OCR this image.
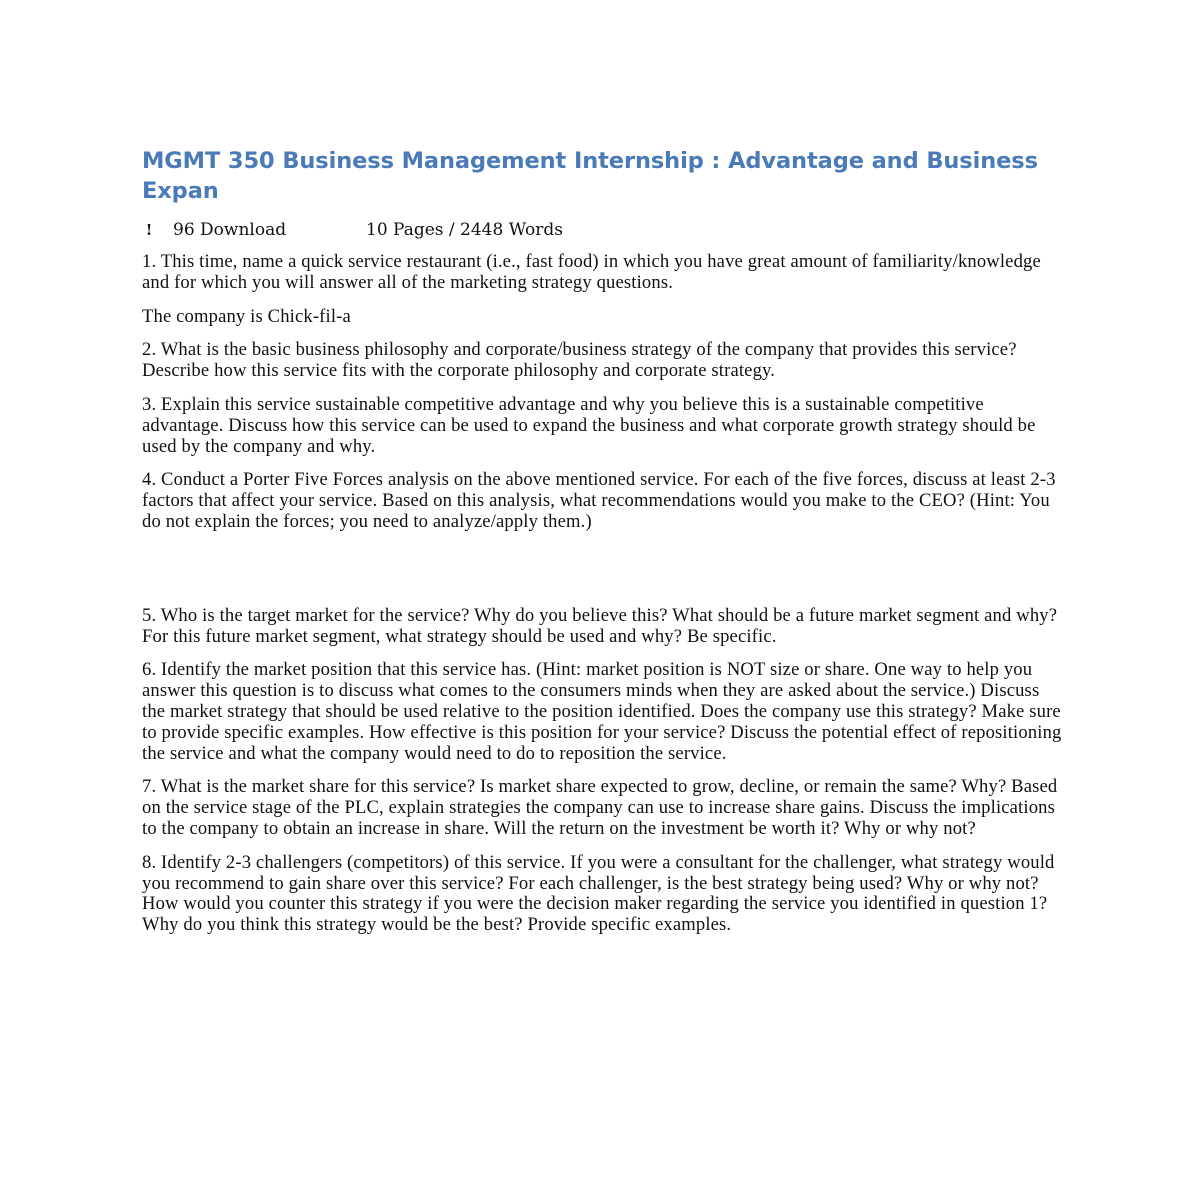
MGMT 350 Business Management Internship : Advantage and Business Expan
! 96 Download	10 Pages / 2448 Words

1. This time, name a quick service restaurant (i.e., fast food) in which you have great amount of familiarity/knowledge and for which you will answer all of the marketing strategy questions.

The company is Chick-fil-a

2. What is the basic business philosophy and corporate/business strategy of the company that provides this service? Describe how this service fits with the corporate philosophy and corporate strategy.

3. Explain this service sustainable competitive advantage and why you believe this is a sustainable competitive advantage. Discuss how this service can be used to expand the business and what corporate growth strategy should be used by the company and why.

4. Conduct a Porter Five Forces analysis on the above mentioned service. For each of the five forces, discuss at least 2-3 factors that affect your service. Based on this analysis, what recommendations would you make to the CEO? (Hint: You do not explain the forces; you need to analyze/apply them.)

5. Who is the target market for the service? Why do you believe this? What should be a future market segment and why? For this future market segment, what strategy should be used and why? Be specific.

6. Identify the market position that this service has. (Hint: market position is NOT size or share. One way to help you answer this question is to discuss what comes to the consumers minds when they are asked about the service.) Discuss the market strategy that should be used relative to the position identified. Does the company use this strategy? Make sure to provide specific examples. How effective is this position for your service? Discuss the potential effect of repositioning the service and what the company would need to do to reposition the service.

7. What is the market share for this service? Is market share expected to grow, decline, or remain the same? Why? Based on the service stage of the PLC, explain strategies the company can use to increase share gains. Discuss the implications to the company to obtain an increase in share. Will the return on the investment be worth it? Why or why not?

8. Identify 2-3 challengers (competitors) of this service. If you were a consultant for the challenger, what strategy would you recommend to gain share over this service? For each challenger, is the best strategy being used? Why or why not? How would you counter this strategy if you were the decision maker regarding the service you identified in question 1? Why do you think this strategy would be the best? Provide specific examples.
